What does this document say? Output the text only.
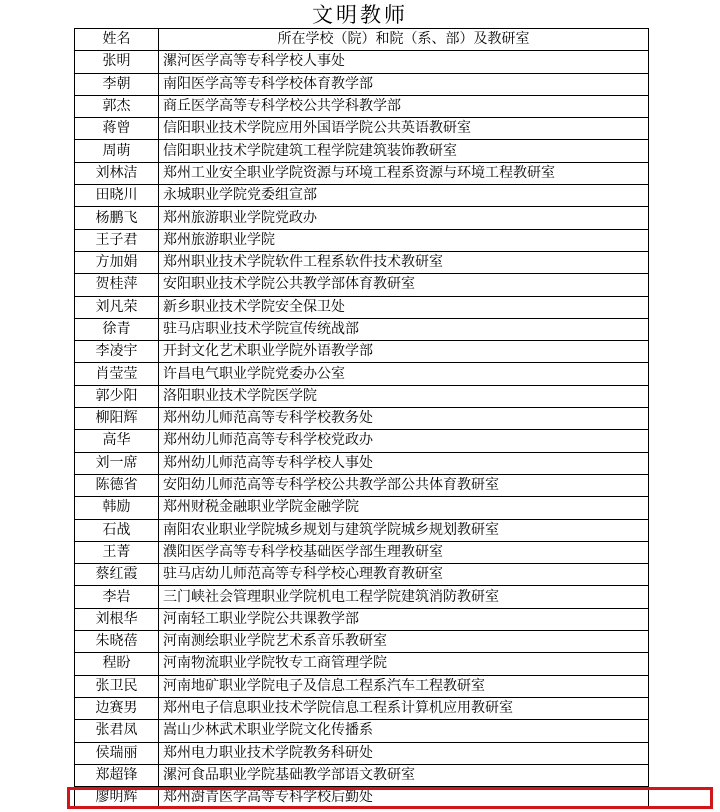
文明教师
姓名	所在学校（院）和院（系、部）及教研室
张明	漯河医学高等专科学校人事处
李朝	南阳医学高等专科学校体育教学部
郭杰	商丘医学高等专科学校公共学科教学部
蒋曾	信阳职业技术学院应用外国语学院公共英语教研室
周萌	信阳职业技术学院建筑工程学院建筑装饰教研室
刘林洁	郑州工业安全职业学院资源与环境工程系资源与环境工程教研室
田晓川	永城职业学院党委组宣部
杨鹏飞	郑州旅游职业学院党政办
王子君	郑州旅游职业学院
方加娟	郑州职业技术学院软件工程系软件技术教研室
贺桂萍	安阳职业技术学院公共教学部体育教研室
刘凡荣	新乡职业技术学院安全保卫处
徐青	驻马店职业技术学院宣传统战部
李凌宇	开封文化艺术职业学院外语教学部
肖莹莹	许昌电气职业学院党委办公室
郭少阳	洛阳职业技术学院医学院
柳阳辉	郑州幼儿师范高等专科学校教务处
高华	郑州幼儿师范高等专科学校党政办
刘一席	郑州幼儿师范高等专科学校人事处
陈德省	安阳幼儿师范高等专科学校公共教学部公共体育教研室
韩励	郑州财税金融职业学院金融学院
石战	南阳农业职业学院城乡规划与建筑学院城乡规划教研室
王菁	濮阳医学高等专科学校基础医学部生理教研室
蔡红霞	驻马店幼儿师范高等专科学校心理教育教研室
李岩	三门峡社会管理职业学院机电工程学院建筑消防教研室
刘根华	河南轻工职业学院公共课教学部
朱晓蓓	河南测绘职业学院艺术系音乐教研室
程盼	河南物流职业学院牧专工商管理学院
张卫民	河南地矿职业学院电子及信息工程系汽车工程教研室
边赛男	郑州电子信息职业技术学院信息工程系计算机应用教研室
张君凤	嵩山少林武术职业学院文化传播系
侯瑞丽	郑州电力职业技术学院教务科研处
郑超锋	漯河食品职业学院基础教学部语文教研室
廖明辉	郑州澍青医学高等专科学校后勤处
